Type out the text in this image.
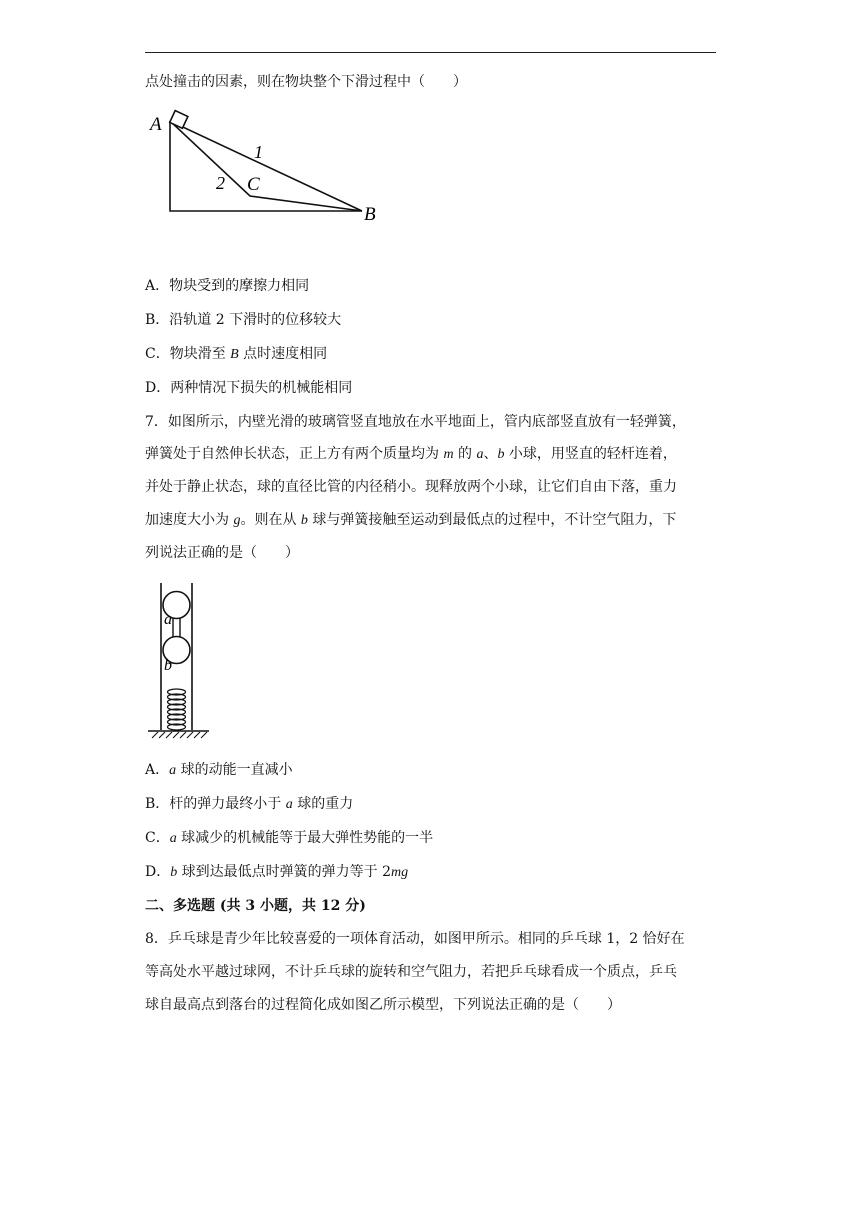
点处撞击的因素，则在物块整个下滑过程中（　　）
A
B
C
1
2
A．物块受到的摩擦力相同
B．沿轨道 2 下滑时的位移较大
C．物块滑至 B 点时速度相同
D．两种情况下损失的机械能相同
7．如图所示，内壁光滑的玻璃管竖直地放在水平地面上，管内底部竖直放有一轻弹簧，
弹簧处于自然伸长状态，正上方有两个质量均为 m 的 a、b 小球，用竖直的轻杆连着，
并处于静止状态，球的直径比管的内径稍小。现释放两个小球，让它们自由下落，重力
加速度大小为 g。则在从 b 球与弹簧接触至运动到最低点的过程中，不计空气阻力，下
列说法正确的是（　　）
a
b
A．a 球的动能一直减小
B．杆的弹力最终小于 a 球的重力
C．a 球减少的机械能等于最大弹性势能的一半
D．b 球到达最低点时弹簧的弹力等于 2mg
二、多选题 (共 3 小题，共 12 分)
8．乒乓球是青少年比较喜爱的一项体育活动，如图甲所示。相同的乒乓球 1，2 恰好在
等高处水平越过球网，不计乒乓球的旋转和空气阻力，若把乒乓球看成一个质点，乒乓
球自最高点到落台的过程简化成如图乙所示模型，下列说法正确的是（　　）
